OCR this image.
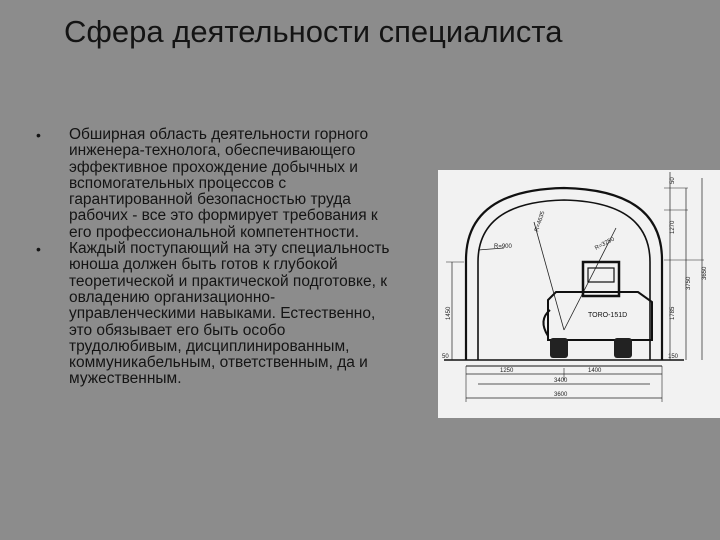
Сфера деятельности специалиста
• Обширная область деятельности горного
инженера-технолога, обеспечивающего
эффективное прохождение добычных и
вспомогательных процессов с
гарантированной безопасностью труда
рабочих - все это формирует требования к
его профессиональной компетентности.
• Каждый поступающий на эту специальность
юноша должен быть готов к глубокой
теоретической и практической подготовке, к
овладению организационно-
управленческими навыками. Естественно,
это обязывает его быть особо
трудолюбивым, дисциплинированным,
коммуникабельным, ответственным, да и
мужественным.
TORO-151D
R=900
R=4635
R=3250
50
1270
3750
3650
1785
1450
50	150
1250	1400
3400
3600
